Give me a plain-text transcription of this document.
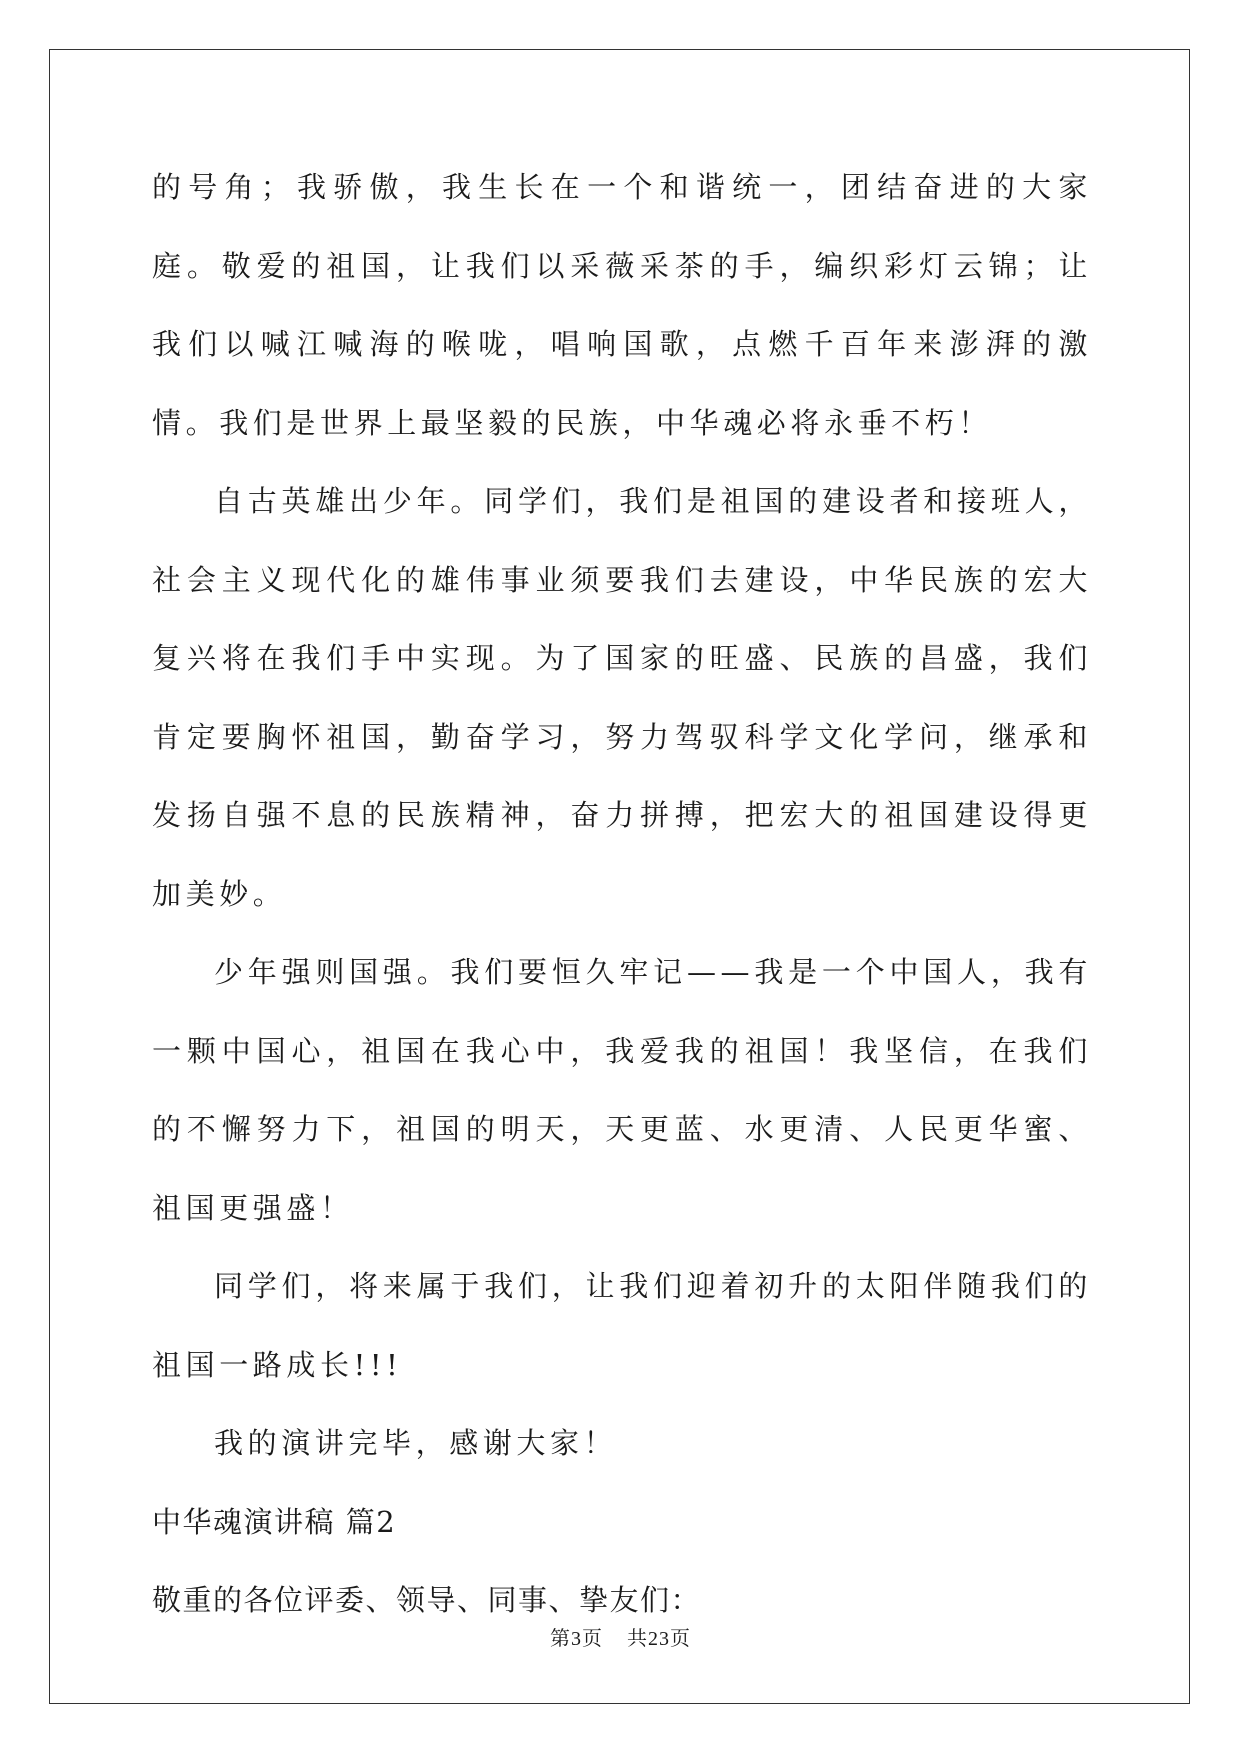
的号角；我骄傲，我生长在一个和谐统一，团结奋进的大家庭。敬爱的祖国，让我们以采薇采茶的手，编织彩灯云锦；让我们以喊江喊海的喉咙，唱响国歌，点燃千百年来澎湃的激情。我们是世界上最坚毅的民族，中华魂必将永垂不朽！

自古英雄出少年。同学们，我们是祖国的建设者和接班人，社会主义现代化的雄伟事业须要我们去建设，中华民族的宏大复兴将在我们手中实现。为了国家的旺盛、民族的昌盛，我们肯定要胸怀祖国，勤奋学习，努力驾驭科学文化学问，继承和发扬自强不息的民族精神，奋力拼搏，把宏大的祖国建设得更加美妙。

少年强则国强。我们要恒久牢记——我是一个中国人，我有一颗中国心，祖国在我心中，我爱我的祖国！我坚信，在我们的不懈努力下，祖国的明天，天更蓝、水更清、人民更华蜜、祖国更强盛！

同学们，将来属于我们，让我们迎着初升的太阳伴随我们的祖国一路成长!!!

我的演讲完毕，感谢大家！

中华魂演讲稿 篇2

敬重的各位评委、领导、同事、挚友们：

第3页 共23页
